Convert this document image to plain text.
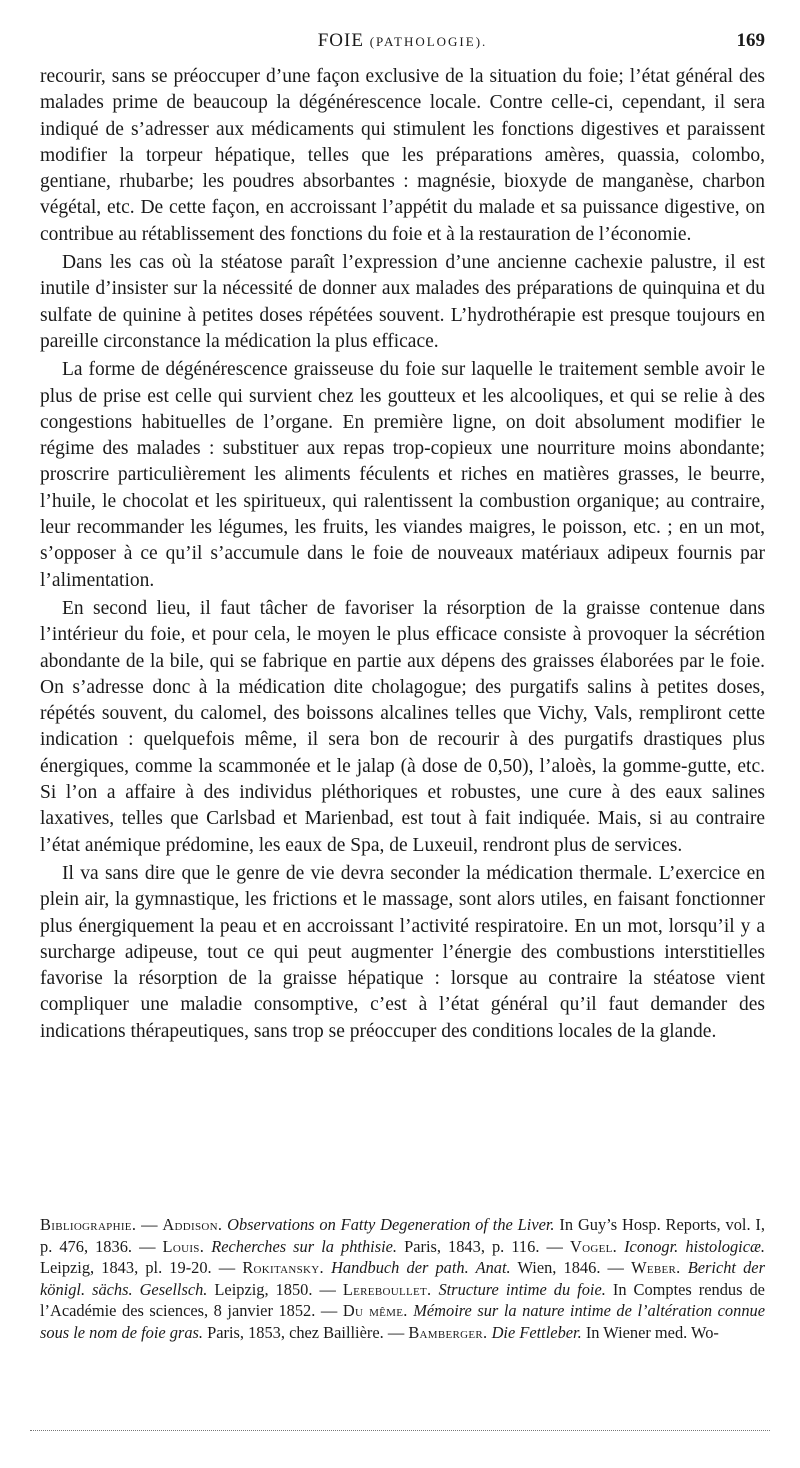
FOIE (PATHOLOGIE).	169

recourir, sans se préoccuper d’une façon exclusive de la situation du foie; l’état général des malades prime de beaucoup la dégénérescence locale. Contre celle-ci, cependant, il sera indiqué de s’adresser aux médicaments qui stimulent les fonctions digestives et paraissent modifier la torpeur hépatique, telles que les préparations amères, quassia, colombo, gentiane, rhubarbe; les poudres absorbantes : magnésie, bioxyde de manganèse, charbon végétal, etc. De cette façon, en accroissant l’appétit du malade et sa puissance digestive, on contribue au rétablissement des fonctions du foie et à la restauration de l’économie.

Dans les cas où la stéatose paraît l’expression d’une ancienne cachexie palustre, il est inutile d’insister sur la nécessité de donner aux malades des préparations de quinquina et du sulfate de quinine à petites doses répétées souvent. L’hydrothérapie est presque toujours en pareille circonstance la médication la plus efficace.

La forme de dégénérescence graisseuse du foie sur laquelle le traitement semble avoir le plus de prise est celle qui survient chez les goutteux et les alcooliques, et qui se relie à des congestions habituelles de l’organe. En première ligne, on doit absolument modifier le régime des malades : substituer aux repas trop-copieux une nourriture moins abondante; proscrire particulièrement les aliments féculents et riches en matières grasses, le beurre, l’huile, le chocolat et les spiritueux, qui ralentissent la combustion organique; au contraire, leur recommander les légumes, les fruits, les viandes maigres, le poisson, etc. ; en un mot, s’opposer à ce qu’il s’accumule dans le foie de nouveaux matériaux adipeux fournis par l’alimentation.

En second lieu, il faut tâcher de favoriser la résorption de la graisse contenue dans l’intérieur du foie, et pour cela, le moyen le plus efficace consiste à provoquer la sécrétion abondante de la bile, qui se fabrique en partie aux dépens des graisses élaborées par le foie. On s’adresse donc à la médication dite cholagogue; des purgatifs salins à petites doses, répétés souvent, du calomel, des boissons alcalines telles que Vichy, Vals, rempliront cette indication : quelquefois même, il sera bon de recourir à des purgatifs drastiques plus énergiques, comme la scammonée et le jalap (à dose de 0,50), l’aloès, la gomme-gutte, etc. Si l’on a affaire à des individus pléthoriques et robustes, une cure à des eaux salines laxatives, telles que Carlsbad et Marienbad, est tout à fait indiquée. Mais, si au contraire l’état anémique prédomine, les eaux de Spa, de Luxeuil, rendront plus de services.

Il va sans dire que le genre de vie devra seconder la médication thermale. L’exercice en plein air, la gymnastique, les frictions et le massage, sont alors utiles, en faisant fonctionner plus énergiquement la peau et en accroissant l’activité respiratoire. En un mot, lorsqu’il y a surcharge adipeuse, tout ce qui peut augmenter l’énergie des combustions interstitielles favorise la résorption de la graisse hépatique : lorsque au contraire la stéatose vient compliquer une maladie consomptive, c’est à l’état général qu’il faut demander des indications thérapeutiques, sans trop se préoccuper des conditions locales de la glande.

Bibliographie. — Addison. Observations on Fatty Degeneration of the Liver. In Guy’s Hosp. Reports, vol. I, p. 476, 1836. — Louis. Recherches sur la phthisie. Paris, 1843, p. 116. — Vogel. Iconogr. histologicæ. Leipzig, 1843, pl. 19-20. — Rokitansky. Handbuch der path. Anat. Wien, 1846. — Weber. Bericht der königl. sächs. Gesellsch. Leipzig, 1850. — Lereboullet. Structure intime du foie. In Comptes rendus de l’Académie des sciences, 8 janvier 1852. — Du même. Mémoire sur la nature intime de l’altération connue sous le nom de foie gras. Paris, 1853, chez Baillière. — Bamberger. Die Fettleber. In Wiener med. Wo-
